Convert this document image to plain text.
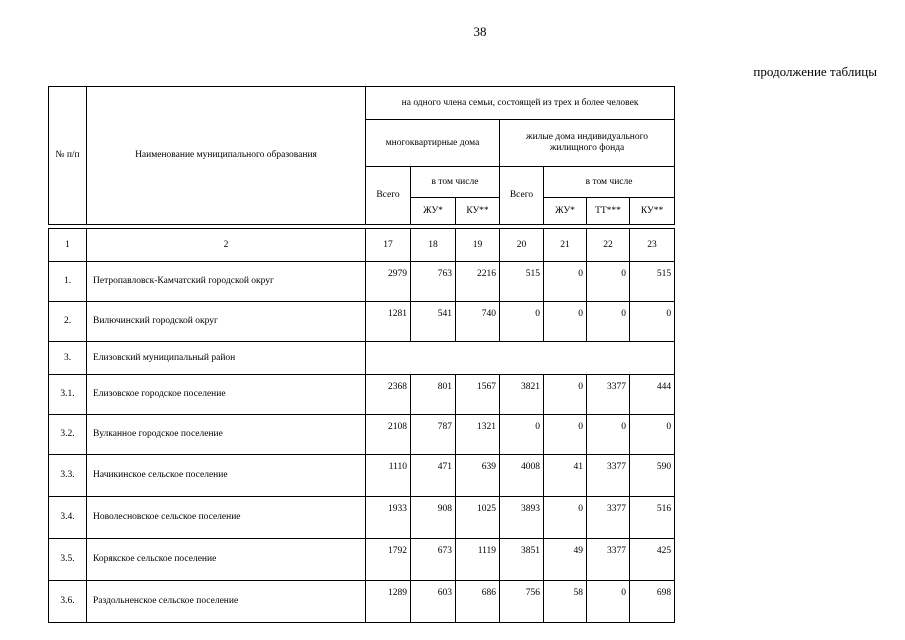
38
продолжение таблицы
№ п/п	Наименование муниципального образования	на одного члена семьи, состоящей из трех и более человек						
		многоквартирные дома			жилые дома индивидуального жилищного фонда			
		Всего	в том числе		Всего	в том числе		
			ЖУ*	КУ**		ЖУ*	ТТ***	КУ**

1	2	17	18	19	20	21	22	23
1.	Петропавловск-Камчатский городской округ	2979	763	2216	515	0	0	515
2.	Вилючинский городской округ	1281	541	740	0	0	0	0
3.	Елизовский муниципальный район							
3.1.	Елизовское городское поселение	2368	801	1567	3821	0	3377	444
3.2.	Вулканное городское поселение	2108	787	1321	0	0	0	0
3.3.	Начикинское сельское поселение	1110	471	639	4008	41	3377	590
3.4.	Новолесновское сельское поселение	1933	908	1025	3893	0	3377	516
3.5.	Корякское сельское поселение	1792	673	1119	3851	49	3377	425
3.6.	Раздольненское сельское поселение	1289	603	686	756	58	0	698
